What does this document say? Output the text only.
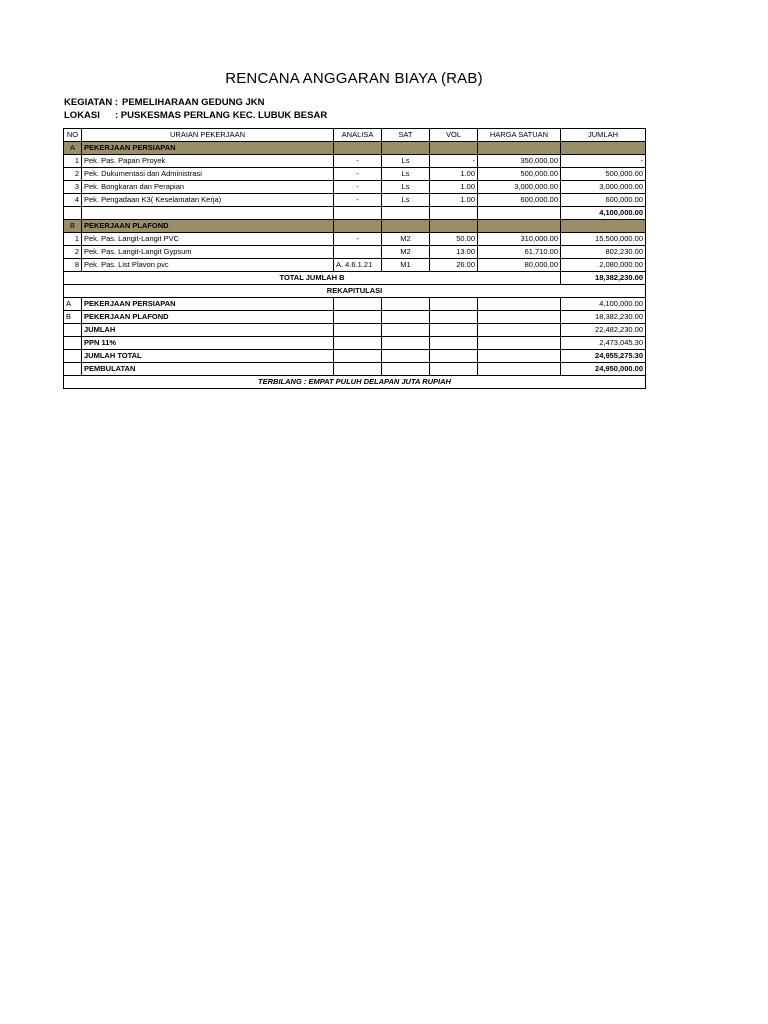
RENCANA ANGGARAN BIAYA (RAB)
KEGIATAN : PEMELIHARAAN GEDUNG JKN
LOKASI : PUSKESMAS PERLANG KEC. LUBUK BESAR
NO	URAIAN PEKERJAAN	ANALISA	SAT	VOL	HARGA SATUAN	JUMLAH
A	PEKERJAAN PERSIAPAN					
1	Pek. Pas. Papan Proyek	-	Ls	-	350,000.00	-
2	Pek. Dukumentasi dan Administrasi	-	Ls	1.00	500,000.00	500,000.00
3	Pek. Bongkaran dan Perapian	-	Ls	1.00	3,000,000.00	3,000,000.00
4	Pek. Pengadaan K3( Keselamatan Kerja)	-	Ls	1.00	600,000.00	600,000.00
						4,100,000.00
B	PEKERJAAN PLAFOND					
1	Pek. Pas. Langit-Langit PVC	-	M2	50.00	310,000.00	15,500,000.00
2	Pek. Pas. Langit-Langit Gypsum		M2	13.00	61,710.00	802,230.00
8	Pek. Pas. List Plavon pvc	A. 4.6.1.21	M1	26.00	80,000.00	2,080,000.00
TOTAL JUMLAH B						18,382,230.00
REKAPITULASI						
A	PEKERJAAN PERSIAPAN					4,100,000.00
B	PEKERJAAN PLAFOND					18,382,230.00
	JUMLAH					22,482,230.00
	PPN 11%					2,473,045.30
	JUMLAH TOTAL					24,955,275.30
	PEMBULATAN					24,950,000.00
TERBILANG : EMPAT PULUH DELAPAN JUTA RUPIAH						
